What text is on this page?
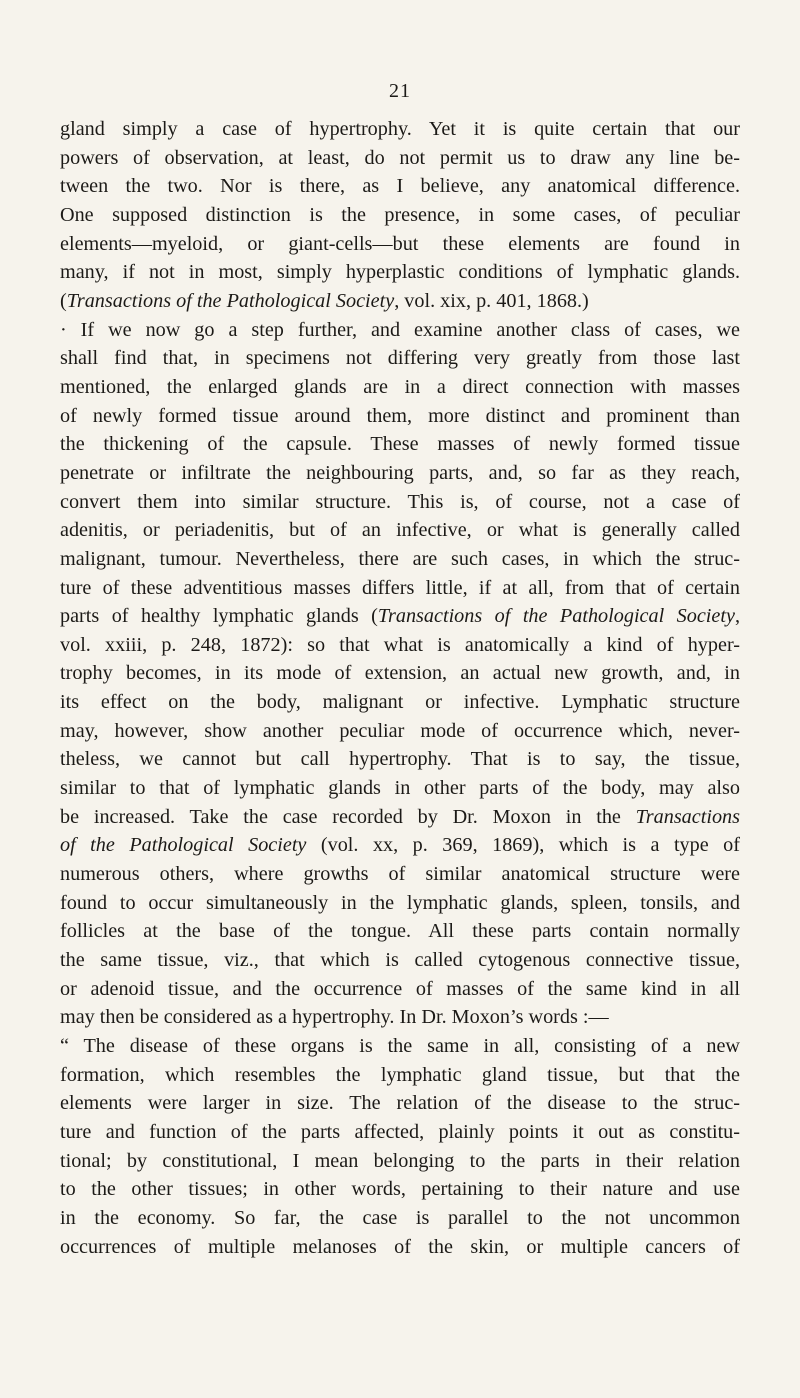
21
gland simply a case of hypertrophy. Yet it is quite certain that our
powers of observation, at least, do not permit us to draw any line be-
tween the two. Nor is there, as I believe, any anatomical difference.
One supposed distinction is the presence, in some cases, of peculiar
elements—myeloid, or giant-cells—but these elements are found in
many, if not in most, simply hyperplastic conditions of lymphatic glands.
(Transactions of the Pathological Society, vol. xix, p. 401, 1868.)
· If we now go a step further, and examine another class of cases, we
shall find that, in specimens not differing very greatly from those last
mentioned, the enlarged glands are in a direct connection with masses
of newly formed tissue around them, more distinct and prominent than
the thickening of the capsule. These masses of newly formed tissue
penetrate or infiltrate the neighbouring parts, and, so far as they reach,
convert them into similar structure. This is, of course, not a case of
adenitis, or periadenitis, but of an infective, or what is generally called
malignant, tumour. Nevertheless, there are such cases, in which the struc-
ture of these adventitious masses differs little, if at all, from that of certain
parts of healthy lymphatic glands (Transactions of the Pathological Society,
vol. xxiii, p. 248, 1872): so that what is anatomically a kind of hyper-
trophy becomes, in its mode of extension, an actual new growth, and, in
its effect on the body, malignant or infective. Lymphatic structure
may, however, show another peculiar mode of occurrence which, never-
theless, we cannot but call hypertrophy. That is to say, the tissue,
similar to that of lymphatic glands in other parts of the body, may also
be increased. Take the case recorded by Dr. Moxon in the Transactions
of the Pathological Society (vol. xx, p. 369, 1869), which is a type of
numerous others, where growths of similar anatomical structure were
found to occur simultaneously in the lymphatic glands, spleen, tonsils, and
follicles at the base of the tongue. All these parts contain normally
the same tissue, viz., that which is called cytogenous connective tissue,
or adenoid tissue, and the occurrence of masses of the same kind in all
may then be considered as a hypertrophy. In Dr. Moxon’s words :—
“ The disease of these organs is the same in all, consisting of a new
formation, which resembles the lymphatic gland tissue, but that the
elements were larger in size. The relation of the disease to the struc-
ture and function of the parts affected, plainly points it out as constitu-
tional; by constitutional, I mean belonging to the parts in their relation
to the other tissues; in other words, pertaining to their nature and use
in the economy. So far, the case is parallel to the not uncommon
occurrences of multiple melanoses of the skin, or multiple cancers of
